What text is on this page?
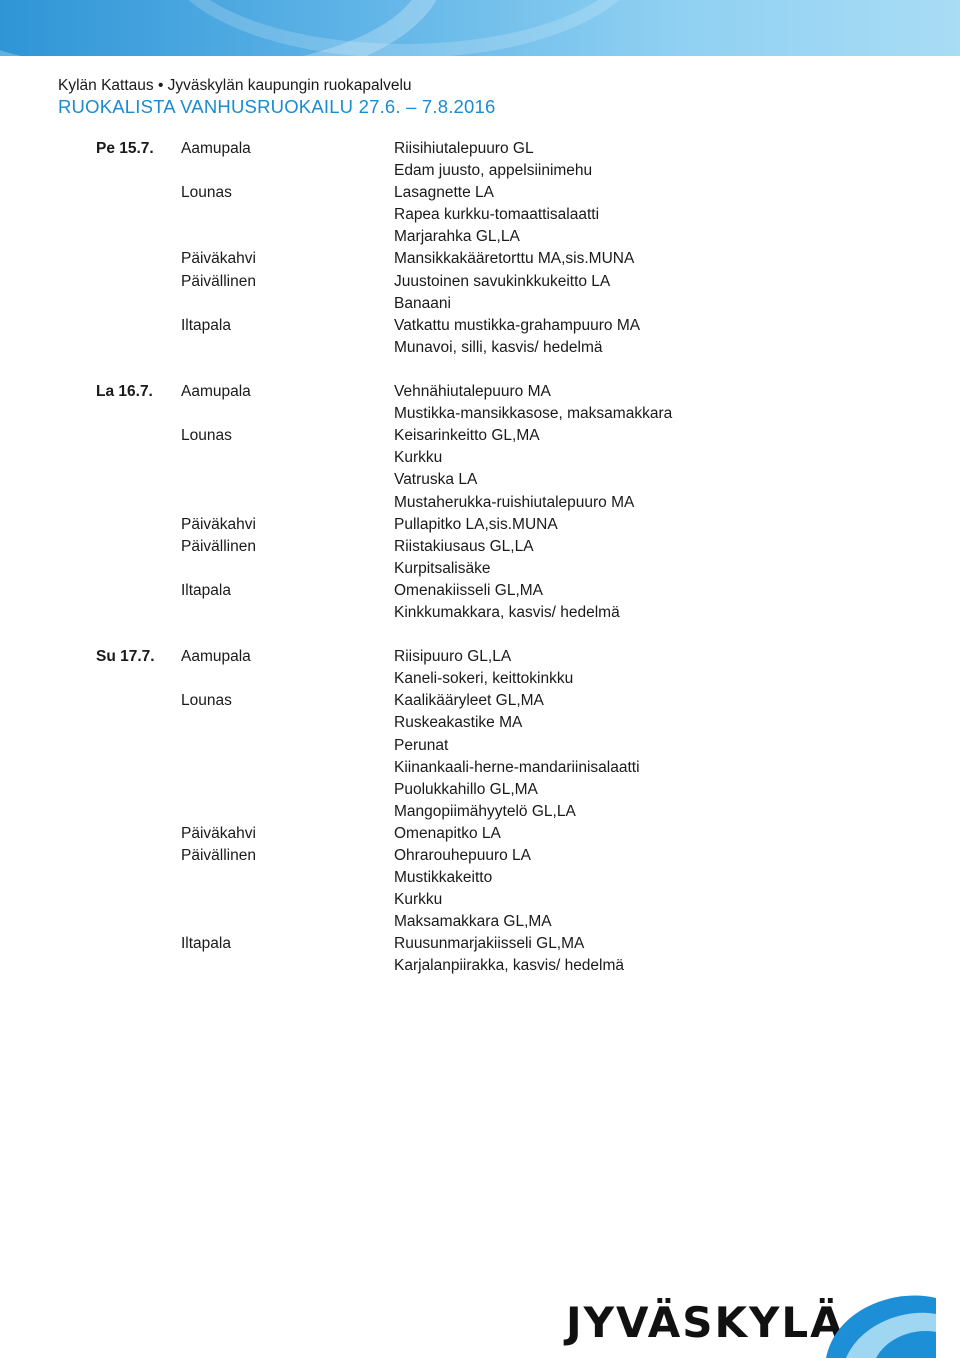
Kylän Kattaus • Jyväskylän kaupungin ruokapalvelu
RUOKALISTA VANHUSRUOKAILU 27.6. – 7.8.2016
Pe 15.7. Aamupala	Riisihiutalepuuro GL
Edam juusto, appelsiinimehu
Lounas	Lasagnette LA
Rapea kurkku-tomaattisalaatti
Marjarahka GL,LA
Päiväkahvi	Mansikkakääretorttu MA,sis.MUNA
Päivällinen	Juustoinen savukinkkukeitto LA
Banaani
Iltapala	Vatkattu mustikka-grahampuuro MA
Munavoi, silli, kasvis/ hedelmä
La 16.7. Aamupala	Vehnähiutalepuuro MA
Mustikka-mansikkasose, maksamakkara
Lounas	Keisarinkeitto GL,MA
Kurkku
Vatruska LA
Mustaherukka-ruishiutalepuuro MA
Päiväkahvi	Pullapitko LA,sis.MUNA
Päivällinen	Riistakiusaus GL,LA
Kurpitsalisäke
Iltapala	Omenakiisseli GL,MA
Kinkkumakkara, kasvis/ hedelmä
Su 17.7. Aamupala	Riisipuuro GL,LA
Kaneli-sokeri, keittokinkku
Lounas	Kaalikääryleet GL,MA
Ruskeakastike MA
Perunat
Kiinankaali-herne-mandariinisalaatti
Puolukkahillo GL,MA
Mangopiimähyytelö GL,LA
Päiväkahvi	Omenapitko LA
Päivällinen	Ohrarouhepuuro LA
Mustikkakeitto
Kurkku
Maksamakkara GL,MA
Iltapala	Ruusunmarjakiisseli GL,MA
Karjalanpiirakka, kasvis/ hedelmä
JYVÄSKYLÄ
